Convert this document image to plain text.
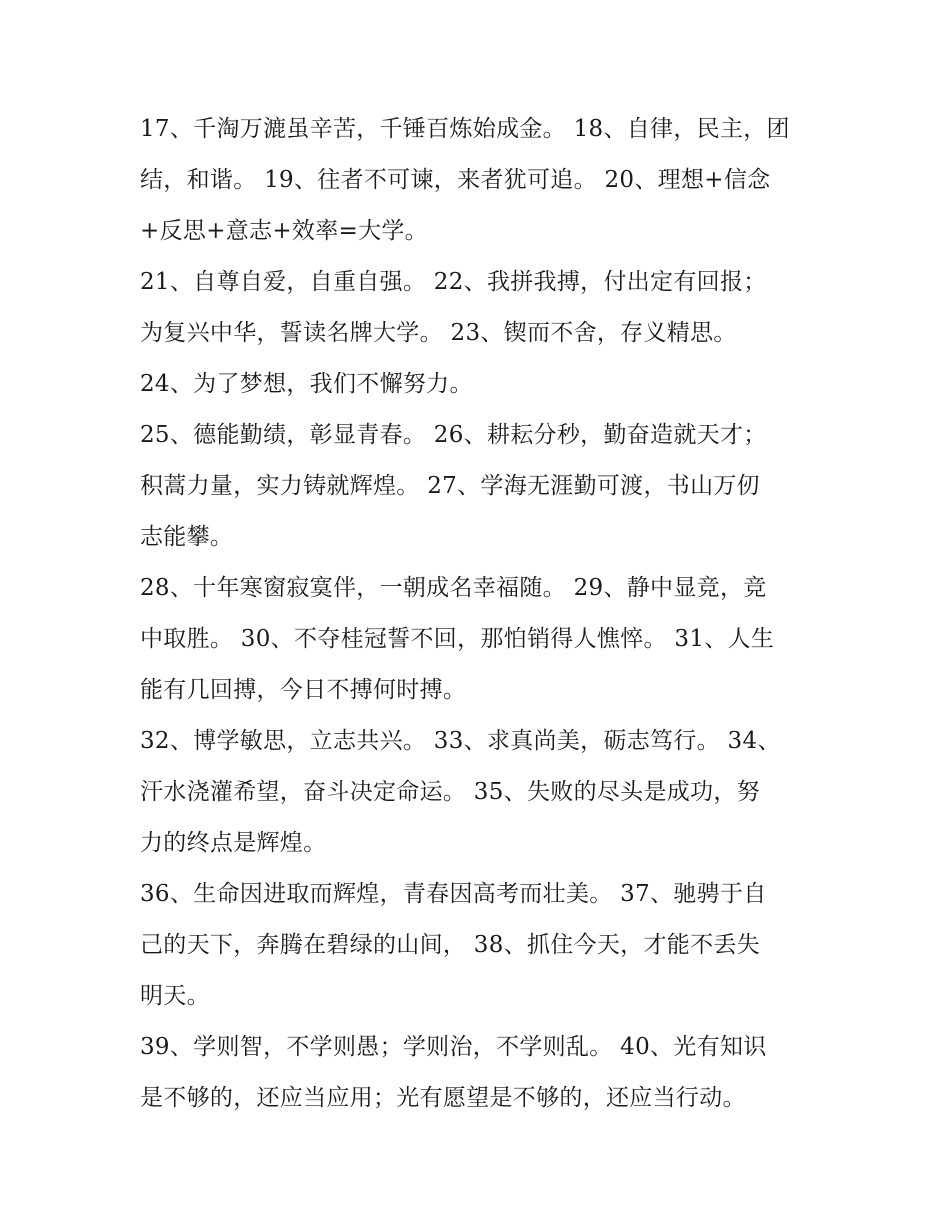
17、千淘万漉虽辛苦，千锤百炼始成金。 18、自律，民主，团
结，和谐。 19、往者不可谏，来者犹可追。 20、理想+信念
+反思+意志+效率=大学。
21、自尊自爱，自重自强。 22、我拼我搏，付出定有回报；
为复兴中华，誓读名牌大学。 23、锲而不舍，存义精思。
24、为了梦想，我们不懈努力。
25、德能勤绩，彰显青春。 26、耕耘分秒，勤奋造就天才；
积蒿力量，实力铸就辉煌。 27、学海无涯勤可渡，书山万仞
志能攀。
28、十年寒窗寂寞伴，一朝成名幸福随。 29、静中显竞，竞
中取胜。 30、不夺桂冠誓不回，那怕销得人憔悴。 31、人生
能有几回搏，今日不搏何时搏。
32、博学敏思，立志共兴。 33、求真尚美，砺志笃行。 34、
汗水浇灌希望，奋斗决定命运。 35、失败的尽头是成功，努
力的终点是辉煌。
36、生命因进取而辉煌，青春因高考而壮美。 37、驰骋于自
己的天下，奔腾在碧绿的山间， 38、抓住今天，才能不丢失
明天。
39、学则智，不学则愚；学则治，不学则乱。 40、光有知识
是不够的，还应当应用；光有愿望是不够的，还应当行动。
